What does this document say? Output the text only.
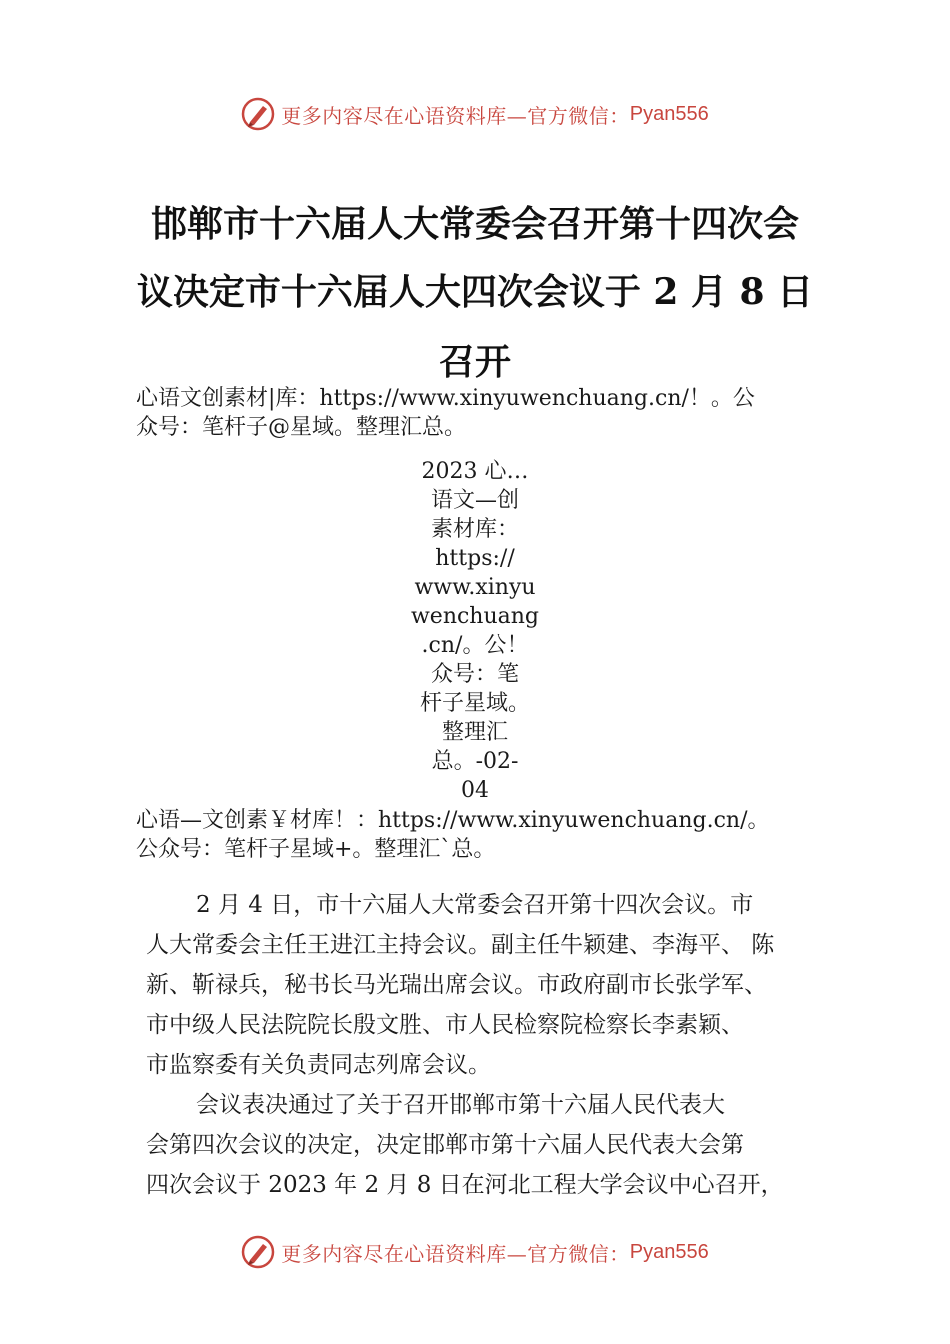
更多内容尽在心语资料库—官方微信： Pyan556
邯郸市十六届人大常委会召开第十四次会
议决定市十六届人大四次会议于 2 月 8 日
召开
心语文创素材|库：https://www.xinyuwenchuang.cn/！。公
众号：笔杆子@星域。整理汇总。
2023 心…
语文—创
素材库：
https://
www.xinyu
wenchuang
.cn/。公！
众号：笔
杆子星域。
整理汇
总。-02-
04
心语—文创素￥材库！：https://www.xinyuwenchuang.cn/。
公众号：笔杆子星域+。整理汇`总。
2 月 4 日，市十六届人大常委会召开第十四次会议。市
人大常委会主任王进江主持会议。副主任牛颖建、李海平、 陈
新、靳禄兵，秘书长马光瑞出席会议。市政府副市长张学军、
市中级人民法院院长殷文胜、市人民检察院检察长李素颖、
市监察委有关负责同志列席会议。
会议表决通过了关于召开邯郸市第十六届人民代表大
会第四次会议的决定，决定邯郸市第十六届人民代表大会第
四次会议于 2023 年 2 月 8 日在河北工程大学会议中心召开，
更多内容尽在心语资料库—官方微信： Pyan556
